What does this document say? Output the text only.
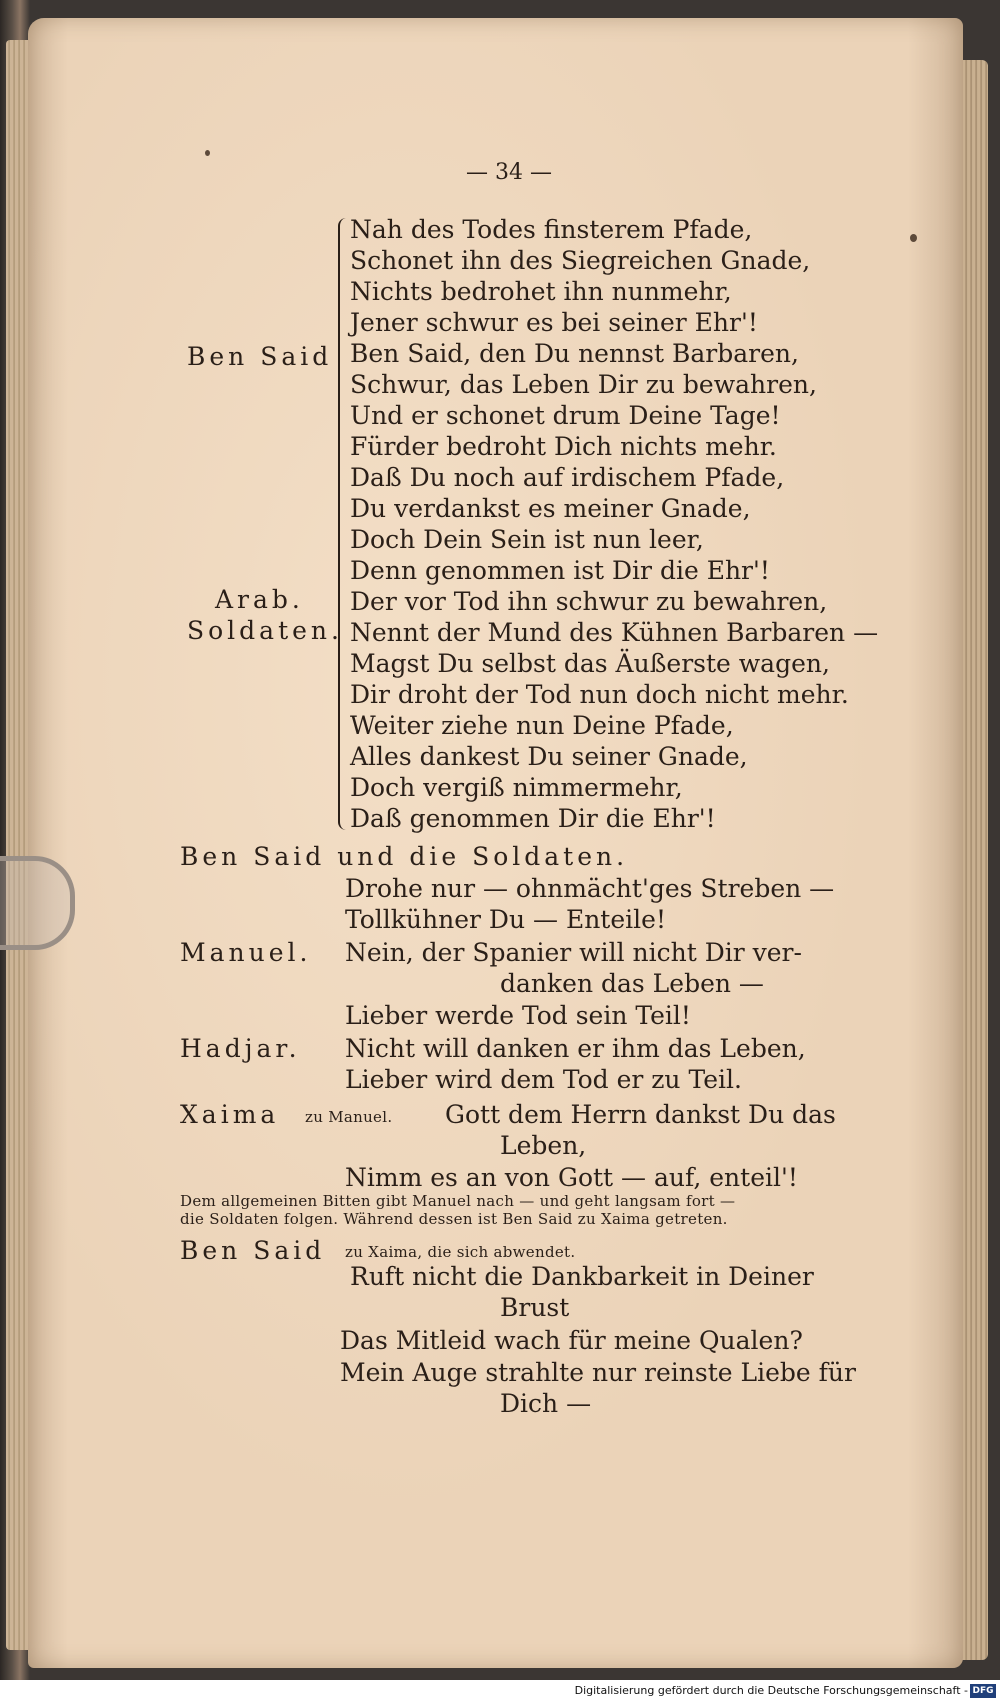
— 34 —
Ben Said
Arab.
Soldaten.
Nah des Todes finsterem Pfade,
Schonet ihn des Siegreichen Gnade,
Nichts bedrohet ihn nunmehr,
Jener schwur es bei seiner Ehr'!
Ben Said, den Du nennst Barbaren,
Schwur, das Leben Dir zu bewahren,
Und er schonet drum Deine Tage!
Fürder bedroht Dich nichts mehr.
Daß Du noch auf irdischem Pfade,
Du verdankst es meiner Gnade,
Doch Dein Sein ist nun leer,
Denn genommen ist Dir die Ehr'!
Der vor Tod ihn schwur zu bewahren,
Nennt der Mund des Kühnen Barbaren —
Magst Du selbst das Äußerste wagen,
Dir droht der Tod nun doch nicht mehr.
Weiter ziehe nun Deine Pfade,
Alles dankest Du seiner Gnade,
Doch vergiß nimmermehr,
Daß genommen Dir die Ehr'!
Ben Said und die Soldaten.
Drohe nur — ohnmächt'ges Streben —
Tollkühner Du — Enteile!
Manuel. Nein, der Spanier will nicht Dir ver-
danken das Leben —
Lieber werde Tod sein Teil!
Hadjar. Nicht will danken er ihm das Leben,
Lieber wird dem Tod er zu Teil.
Xaima zu Manuel. Gott dem Herrn dankst Du das
Leben,
Nimm es an von Gott — auf, enteil'!
Dem allgemeinen Bitten gibt Manuel nach — und geht langsam fort —
die Soldaten folgen. Während dessen ist Ben Said zu Xaima getreten.
Ben Said zu Xaima, die sich abwendet.
Ruft nicht die Dankbarkeit in Deiner
Brust
Das Mitleid wach für meine Qualen?
Mein Auge strahlte nur reinste Liebe für
Dich —
Digitalisierung gefördert durch die Deutsche Forschungsgemeinschaft - DFG
